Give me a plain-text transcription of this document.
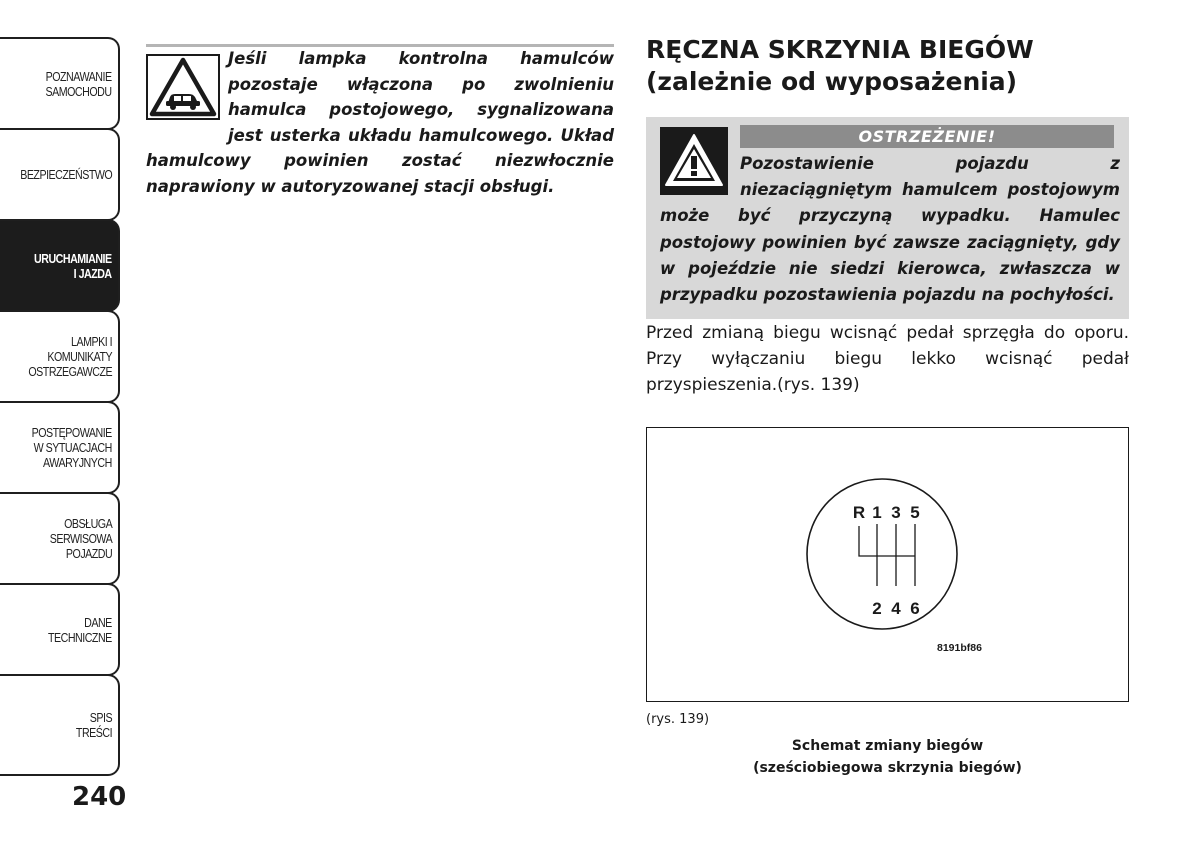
POZNAWANIE
SAMOCHODU
BEZPIECZEŃSTWO
URUCHAMIANIE
I JAZDA
LAMPKI I
KOMUNIKATY
OSTRZEGAWCZE
POSTĘPOWANIE
W SYTUACJACH
AWARYJNYCH
OBSŁUGA
SERWISOWA
POJAZDU
DANE
TECHNICZNE
SPIS
TREŚCI
240

Jeśli lampka kontrolna hamulców pozostaje włączona po zwolnieniu hamulca postojowego, sygnalizowana jest usterka układu hamulcowego. Układ hamulcowy powinien zostać niezwłocznie naprawiony w autoryzowanej stacji obsługi.

RĘCZNA SKRZYNIA BIEGÓW
(zależnie od wyposażenia)
OSTRZEŻENIE!

Pozostawienie pojazdu z niezaciągniętym hamulcem postojowym może być przyczyną wypadku. Hamulec postojowy powinien być zawsze zaciągnięty, gdy w pojeździe nie siedzi kierowca, zwłaszcza w przypadku pozostawienia pojazdu na pochyłości.

Przed zmianą biegu wcisnąć pedał sprzęgła do oporu. Przy wyłączaniu biegu lekko wcisnąć pedał przyspieszenia.(rys. 139)

R 1 3 5
2 4 6
8191bf86
(rys. 139)
Schemat zmiany biegów
(sześciobiegowa skrzynia biegów)
